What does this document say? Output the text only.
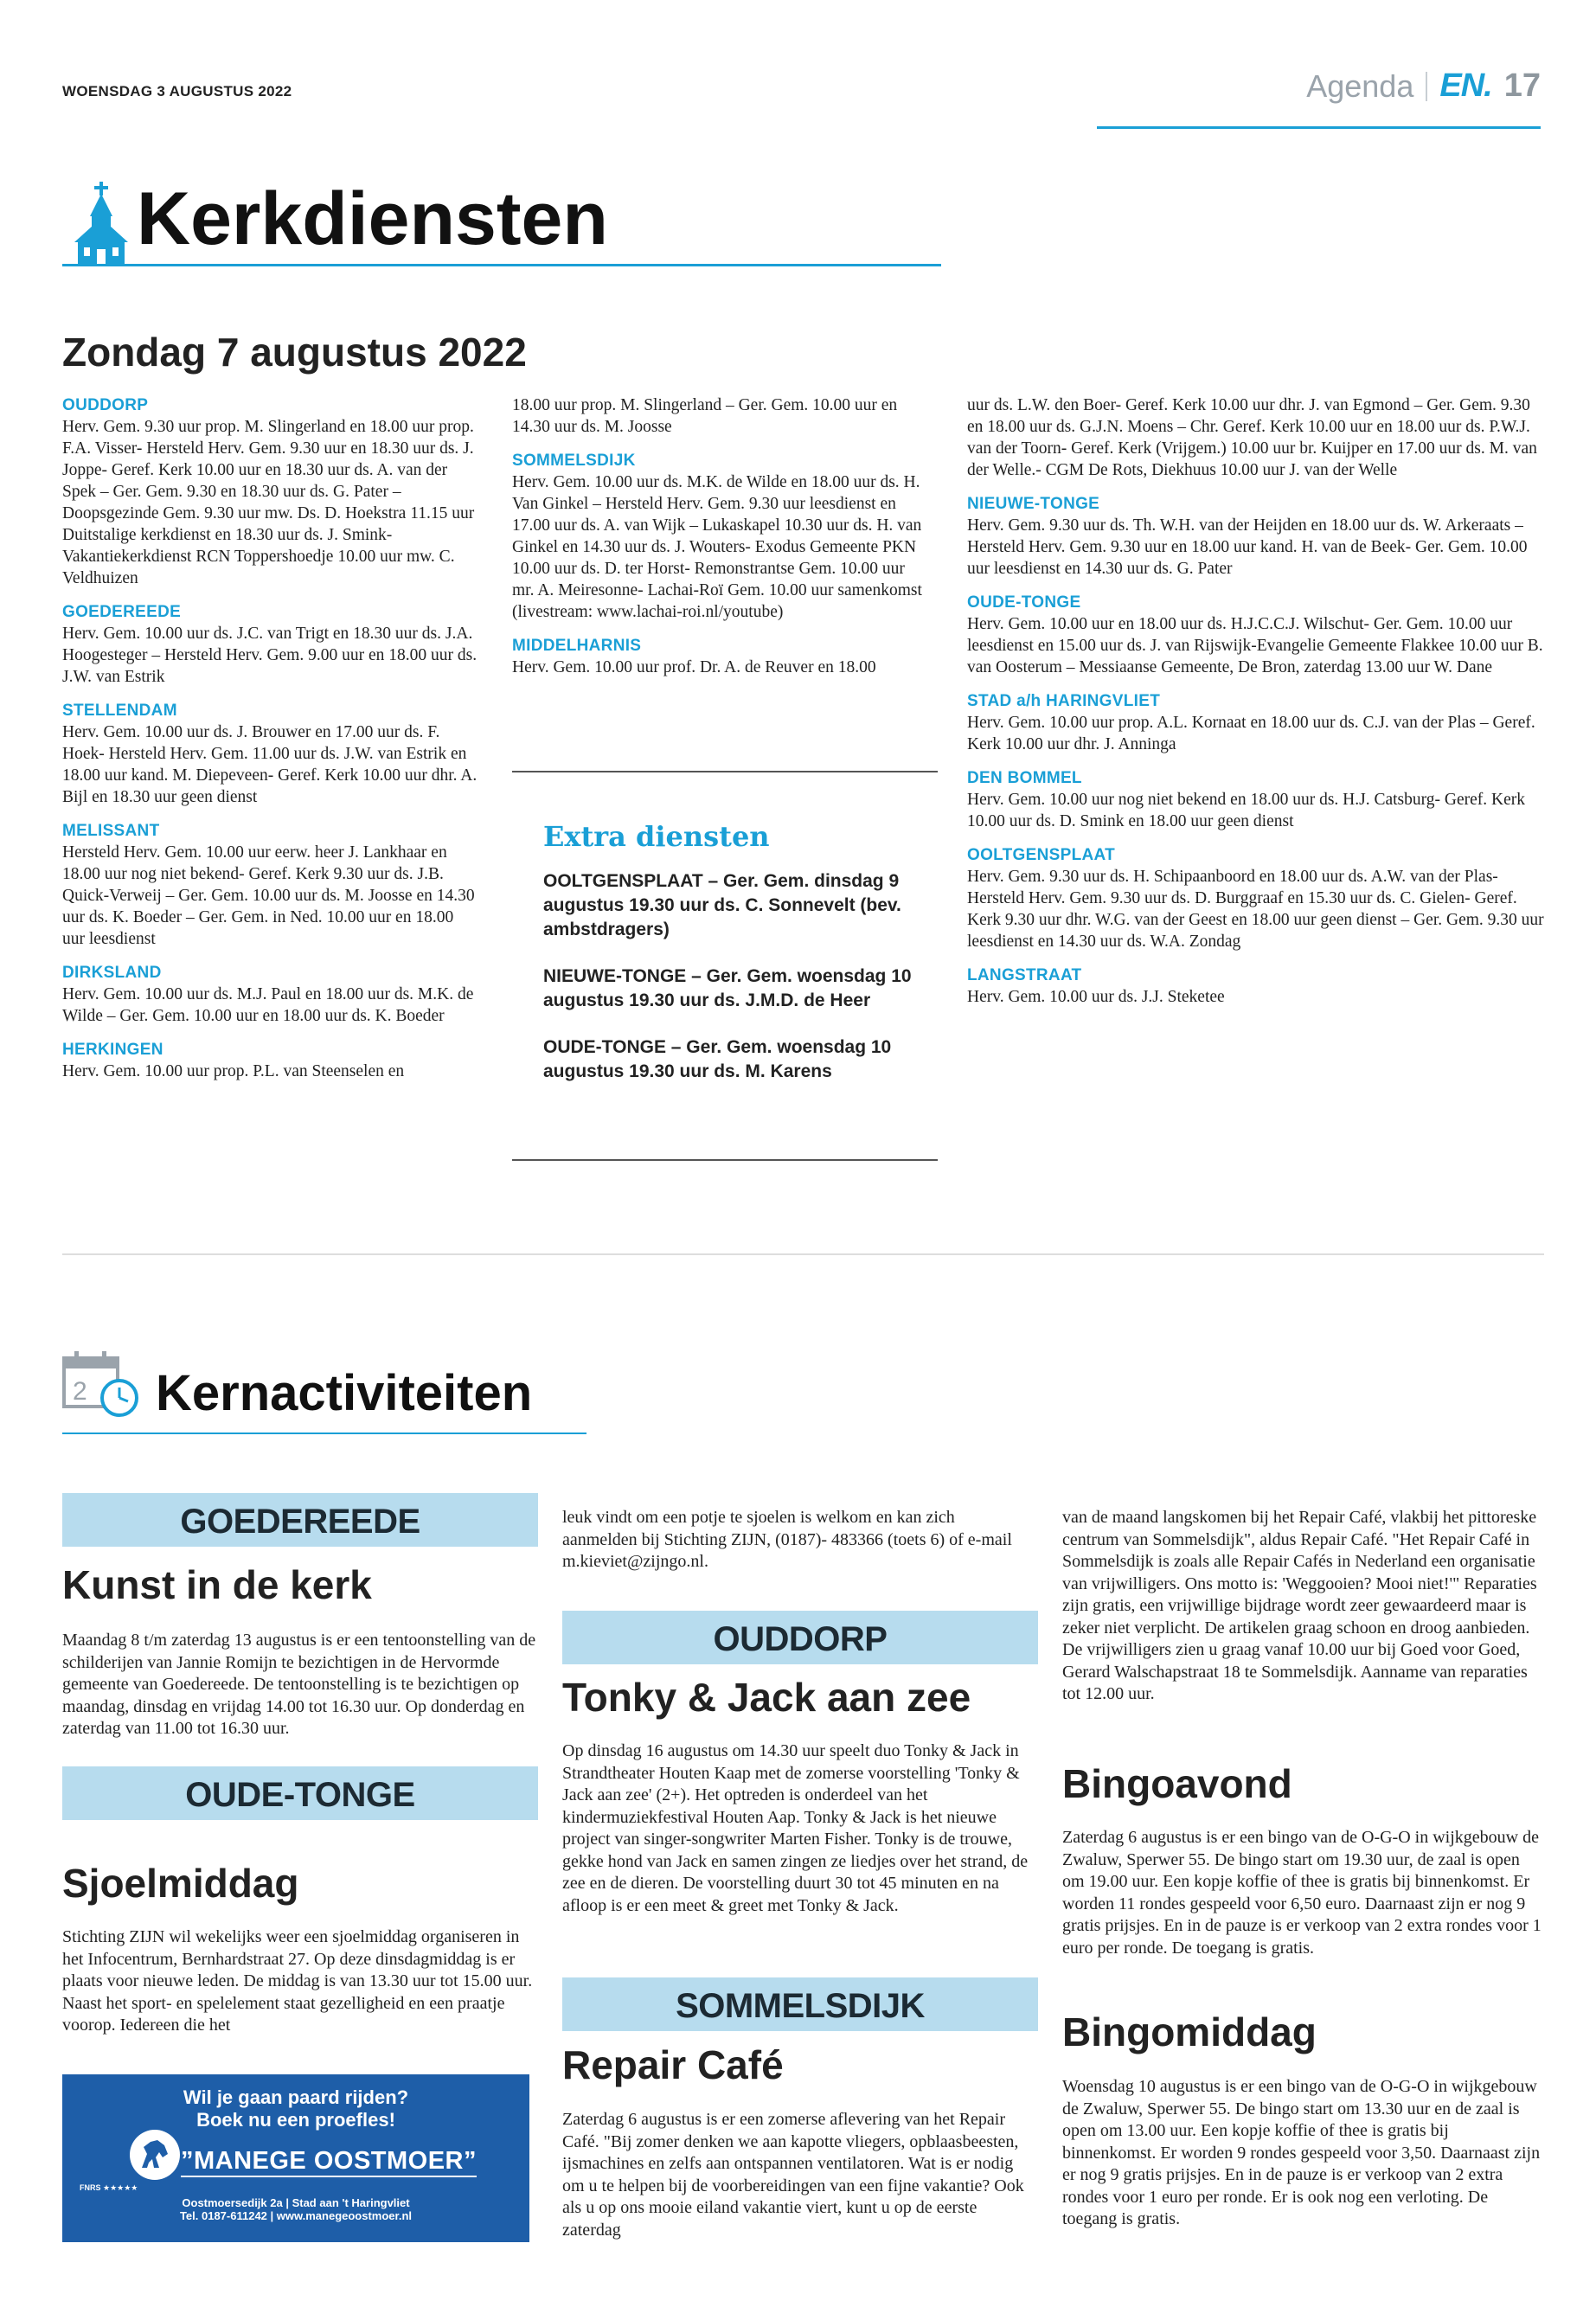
WOENSDAG 3 AUGUSTUS 2022	Agenda EN. 17
Kerkdiensten
Zondag 7 augustus 2022
OUDDORP

Herv. Gem. 9.30 uur prop. M. Slingerland en 18.00 uur prop. F.A. Visser- Hersteld Herv. Gem. 9.30 uur en 18.30 uur ds. J. Joppe- Geref. Kerk 10.00 uur en 18.30 uur ds. A. van der Spek – Ger. Gem. 9.30 en 18.30 uur ds. G. Pater – Doopsgezinde Gem. 9.30 uur mw. Ds. D. Hoekstra 11.15 uur Duitstalige kerkdienst en 18.30 uur ds. J. Smink- Vakantiekerkdienst RCN Toppershoedje 10.00 uur mw. C. Veldhuizen

GOEDEREEDE

Herv. Gem. 10.00 uur ds. J.C. van Trigt en 18.30 uur ds. J.A. Hoogesteger – Hersteld Herv. Gem. 9.00 uur en 18.00 uur ds. J.W. van Estrik

STELLENDAM

Herv. Gem. 10.00 uur ds. J. Brouwer en 17.00 uur ds. F. Hoek- Hersteld Herv. Gem. 11.00 uur ds. J.W. van Estrik en 18.00 uur kand. M. Diepeveen- Geref. Kerk 10.00 uur dhr. A. Bijl en 18.30 uur geen dienst

MELISSANT

Hersteld Herv. Gem. 10.00 uur eerw. heer J. Lankhaar en 18.00 uur nog niet bekend- Geref. Kerk 9.30 uur ds. J.B. Quick-Verweij – Ger. Gem. 10.00 uur ds. M. Joosse en 14.30 uur ds. K. Boeder – Ger. Gem. in Ned. 10.00 uur en 18.00 uur leesdienst

DIRKSLAND

Herv. Gem. 10.00 uur ds. M.J. Paul en 18.00 uur ds. M.K. de Wilde – Ger. Gem. 10.00 uur en 18.00 uur ds. K. Boeder

HERKINGEN

Herv. Gem. 10.00 uur prop. P.L. van Steenselen en

18.00 uur prop. M. Slingerland – Ger. Gem. 10.00 uur en 14.30 uur ds. M. Joosse

SOMMELSDIJK

Herv. Gem. 10.00 uur ds. M.K. de Wilde en 18.00 uur ds. H. Van Ginkel – Hersteld Herv. Gem. 9.30 uur leesdienst en 17.00 uur ds. A. van Wijk – Lukaskapel 10.30 uur ds. H. van Ginkel en 14.30 uur ds. J. Wouters- Exodus Gemeente PKN 10.00 uur ds. D. ter Horst- Remonstrantse Gem. 10.00 uur mr. A. Meiresonne- Lachai-Roï Gem. 10.00 uur samenkomst (livestream: www.lachai-roi.nl/youtube)

MIDDELHARNIS

Herv. Gem. 10.00 uur prof. Dr. A. de Reuver en 18.00

Extra diensten

OOLTGENSPLAAT – Ger. Gem. dinsdag 9 augustus 19.30 uur ds. C. Sonnevelt (bev. ambstdragers)

NIEUWE-TONGE – Ger. Gem. woensdag 10 augustus 19.30 uur ds. J.M.D. de Heer

OUDE-TONGE – Ger. Gem. woensdag 10 augustus 19.30 uur ds. M. Karens

uur ds. L.W. den Boer- Geref. Kerk 10.00 uur dhr. J. van Egmond – Ger. Gem. 9.30 en 18.00 uur ds. G.J.N. Moens – Chr. Geref. Kerk 10.00 uur en 18.00 uur ds. P.W.J. van der Toorn- Geref. Kerk (Vrijgem.) 10.00 uur br. Kuijper en 17.00 uur ds. M. van der Welle.- CGM De Rots, Diekhuus 10.00 uur J. van der Welle

NIEUWE-TONGE

Herv. Gem. 9.30 uur ds. Th. W.H. van der Heijden en 18.00 uur ds. W. Arkeraats – Hersteld Herv. Gem. 9.30 uur en 18.00 uur kand. H. van de Beek- Ger. Gem. 10.00 uur leesdienst en 14.30 uur ds. G. Pater

OUDE-TONGE

Herv. Gem. 10.00 uur en 18.00 uur ds. H.J.C.C.J. Wilschut- Ger. Gem. 10.00 uur leesdienst en 15.00 uur ds. J. van Rijswijk-Evangelie Gemeente Flakkee 10.00 uur B. van Oosterum – Messiaanse Gemeente, De Bron, zaterdag 13.00 uur W. Dane

STAD a/h HARINGVLIET

Herv. Gem. 10.00 uur prop. A.L. Kornaat en 18.00 uur ds. C.J. van der Plas – Geref. Kerk 10.00 uur dhr. J. Anninga

DEN BOMMEL

Herv. Gem. 10.00 uur nog niet bekend en 18.00 uur ds. H.J. Catsburg- Geref. Kerk 10.00 uur ds. D. Smink en 18.00 uur geen dienst

OOLTGENSPLAAT

Herv. Gem. 9.30 uur ds. H. Schipaanboord en 18.00 uur ds. A.W. van der Plas- Hersteld Herv. Gem. 9.30 uur ds. D. Burggraaf en 15.30 uur ds. C. Gielen- Geref. Kerk 9.30 uur dhr. W.G. van der Geest en 18.00 uur geen dienst – Ger. Gem. 9.30 uur leesdienst en 14.30 uur ds. W.A. Zondag

LANGSTRAAT

Herv. Gem. 10.00 uur ds. J.J. Steketee

2 Kernactiviteiten
GOEDEREEDE
Kunst in de kerk
Maandag 8 t/m zaterdag 13 augustus is er een tentoonstelling van de schilderijen van Jannie Romijn te bezichtigen in de Hervormde gemeente van Goedereede. De tentoonstelling is te bezichtigen op maandag, dinsdag en vrijdag 14.00 tot 16.30 uur. Op donderdag en zaterdag van 11.00 tot 16.30 uur.
OUDE-TONGE
Sjoelmiddag
Stichting ZIJN wil wekelijks weer een sjoelmiddag organiseren in het Infocentrum, Bernhardstraat 27. Op deze dinsdagmiddag is er plaats voor nieuwe leden. De middag is van 13.30 uur tot 15.00 uur. Naast het sport- en spelelement staat gezelligheid en een praatje voorop. Iedereen die het
Wil je gaan paard rijden?
Boek nu een proefles!
”MANEGE OOSTMOER”
FNRS ★★★★★
Oostmoersedijk 2a | Stad aan 't Haringvliet
Tel. 0187-611242 | www.manegeoostmoer.nl
leuk vindt om een potje te sjoelen is welkom en kan zich aanmelden bij Stichting ZIJN, (0187)- 483366 (toets 6) of e-mail m.kieviet@zijngo.nl.
OUDDORP
Tonky & Jack aan zee
Op dinsdag 16 augustus om 14.30 uur speelt duo Tonky & Jack in Strandtheater Houten Kaap met de zomerse voorstelling 'Tonky & Jack aan zee' (2+). Het optreden is onderdeel van het kindermuziekfestival Houten Aap. Tonky & Jack is het nieuwe project van singer-songwriter Marten Fisher. Tonky is de trouwe, gekke hond van Jack en samen zingen ze liedjes over het strand, de zee en de dieren. De voorstelling duurt 30 tot 45 minuten en na afloop is er een meet & greet met Tonky & Jack.
SOMMELSDIJK
Repair Café
Zaterdag 6 augustus is er een zomerse aflevering van het Repair Café. "Bij zomer denken we aan kapotte vliegers, opblaasbeesten, ijsmachines en zelfs aan ontspannen ventilatoren. Wat is er nodig om u te helpen bij de voorbereidingen van een fijne vakantie? Ook als u op ons mooie eiland vakantie viert, kunt u op de eerste zaterdag
van de maand langskomen bij het Repair Café, vlakbij het pittoreske centrum van Sommelsdijk", aldus Repair Café. "Het Repair Café in Sommelsdijk is zoals alle Repair Cafés in Nederland een organisatie van vrijwilligers. Ons motto is: 'Weggooien? Mooi niet!'" Reparaties zijn gratis, een vrijwillige bijdrage wordt zeer gewaardeerd maar is zeker niet verplicht. De artikelen graag schoon en droog aanbieden. De vrijwilligers zien u graag vanaf 10.00 uur bij Goed voor Goed, Gerard Walschapstraat 18 te Sommelsdijk. Aanname van reparaties tot 12.00 uur.
Bingoavond
Zaterdag 6 augustus is er een bingo van de O-G-O in wijkgebouw de Zwaluw, Sperwer 55. De bingo start om 19.30 uur, de zaal is open om 19.00 uur. Een kopje koffie of thee is gratis bij binnenkomst. Er worden 11 rondes gespeeld voor 6,50 euro. Daarnaast zijn er nog 9 gratis prijsjes. En in de pauze is er verkoop van 2 extra rondes voor 1 euro per ronde. De toegang is gratis.
Bingomiddag
Woensdag 10 augustus is er een bingo van de O-G-O in wijkgebouw de Zwaluw, Sperwer 55. De bingo start om 13.30 uur en de zaal is open om 13.00 uur. Een kopje koffie of thee is gratis bij binnenkomst. Er worden 9 rondes gespeeld voor 3,50. Daarnaast zijn er nog 9 gratis prijsjes. En in de pauze is er verkoop van 2 extra rondes voor 1 euro per ronde. Er is ook nog een verloting. De toegang is gratis.
